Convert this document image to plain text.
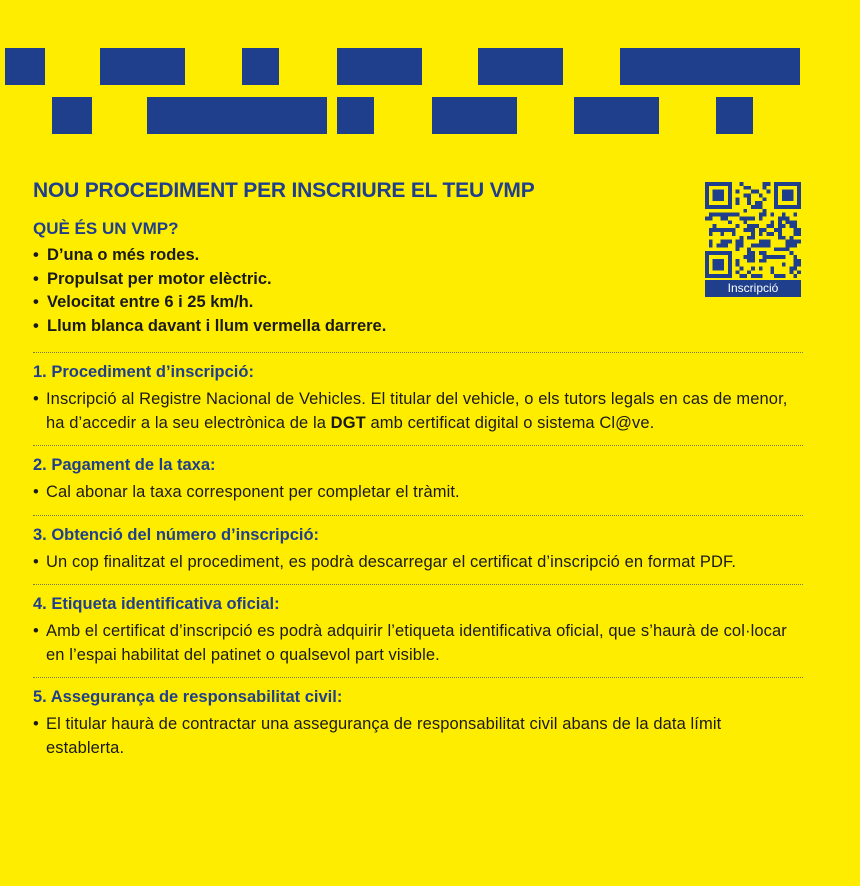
Inscripció
NOU PROCEDIMENT PER INSCRIURE EL TEU VMP
QUÈ ÉS UN VMP?
• D’una o més rodes.
• Propulsat per motor elèctric.
• Velocitat entre 6 i 25 km/h.
• Llum blanca davant i llum vermella darrere.
1. Procediment d’inscripció:
• Inscripció al Registre Nacional de Vehicles. El titular del vehicle, o els tutors legals en cas de menor, ha d’accedir a la seu electrònica de la DGT amb certificat digital o sistema Cl@ve.
2. Pagament de la taxa:
• Cal abonar la taxa corresponent per completar el tràmit.
3. Obtenció del número d’inscripció:
• Un cop finalitzat el procediment, es podrà descarregar el certificat d’inscripció en format PDF.
4. Etiqueta identificativa oficial:
• Amb el certificat d’inscripció es podrà adquirir l’etiqueta identificativa oficial, que s’haurà de col·locar en l’espai habilitat del patinet o qualsevol part visible.
5. Assegurança de responsabilitat civil:
• El titular haurà de contractar una assegurança de responsabilitat civil abans de la data límit establerta.
